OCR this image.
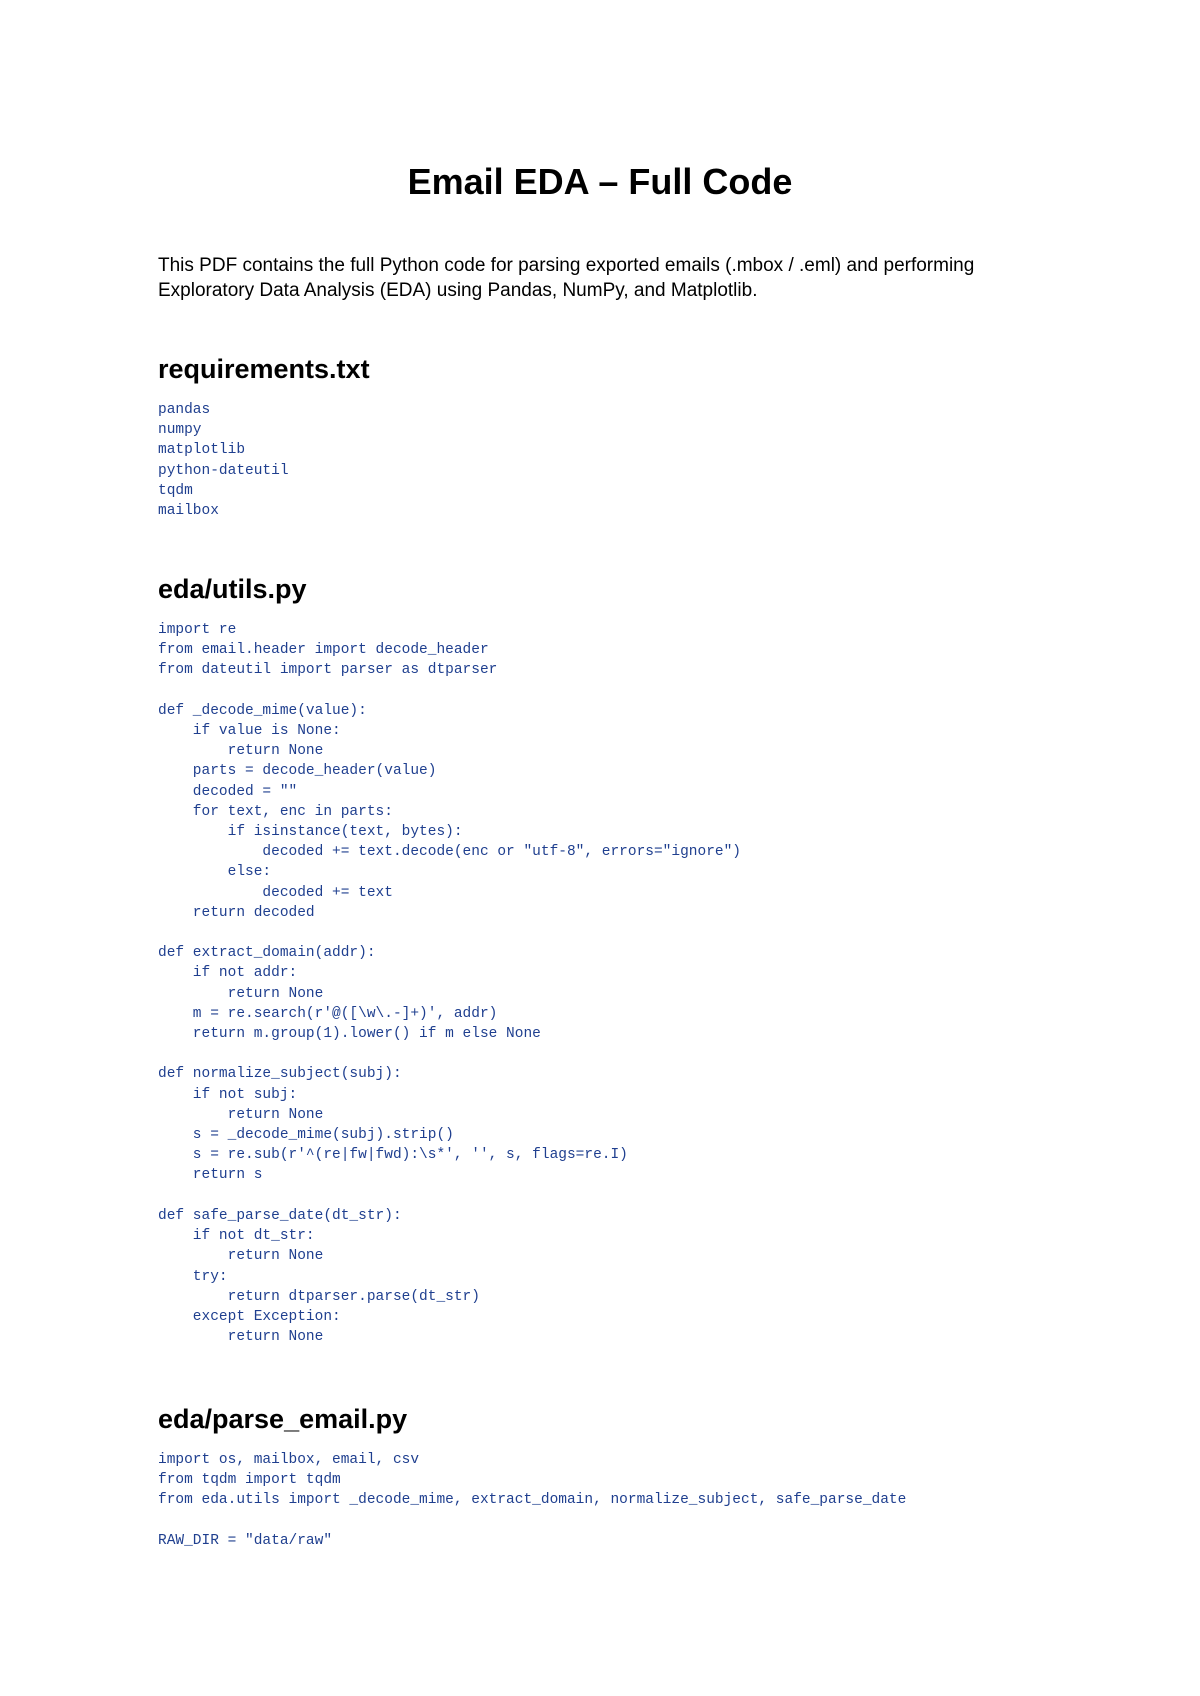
Email EDA – Full Code

This PDF contains the full Python code for parsing exported emails (.mbox / .eml) and performing Exploratory Data Analysis (EDA) using Pandas, NumPy, and Matplotlib.

requirements.txt
pandas
numpy
matplotlib
python-dateutil
tqdm
mailbox
eda/utils.py
import re
from email.header import decode_header
from dateutil import parser as dtparser

def _decode_mime(value):
if value is None:
return None
parts = decode_header(value)
decoded = ""
for text, enc in parts:
if isinstance(text, bytes):
decoded += text.decode(enc or "utf-8", errors="ignore")
else:
decoded += text
return decoded

def extract_domain(addr):
if not addr:
return None
m = re.search(r'@([\w\.-]+)', addr)
return m.group(1).lower() if m else None

def normalize_subject(subj):
if not subj:
return None
s = _decode_mime(subj).strip()
s = re.sub(r'^(re|fw|fwd):\s*', '', s, flags=re.I)
return s

def safe_parse_date(dt_str):
if not dt_str:
return None
try:
return dtparser.parse(dt_str)
except Exception:
return None
eda/parse_email.py
import os, mailbox, email, csv
from tqdm import tqdm
from eda.utils import _decode_mime, extract_domain, normalize_subject, safe_parse_date

RAW_DIR = "data/raw"
